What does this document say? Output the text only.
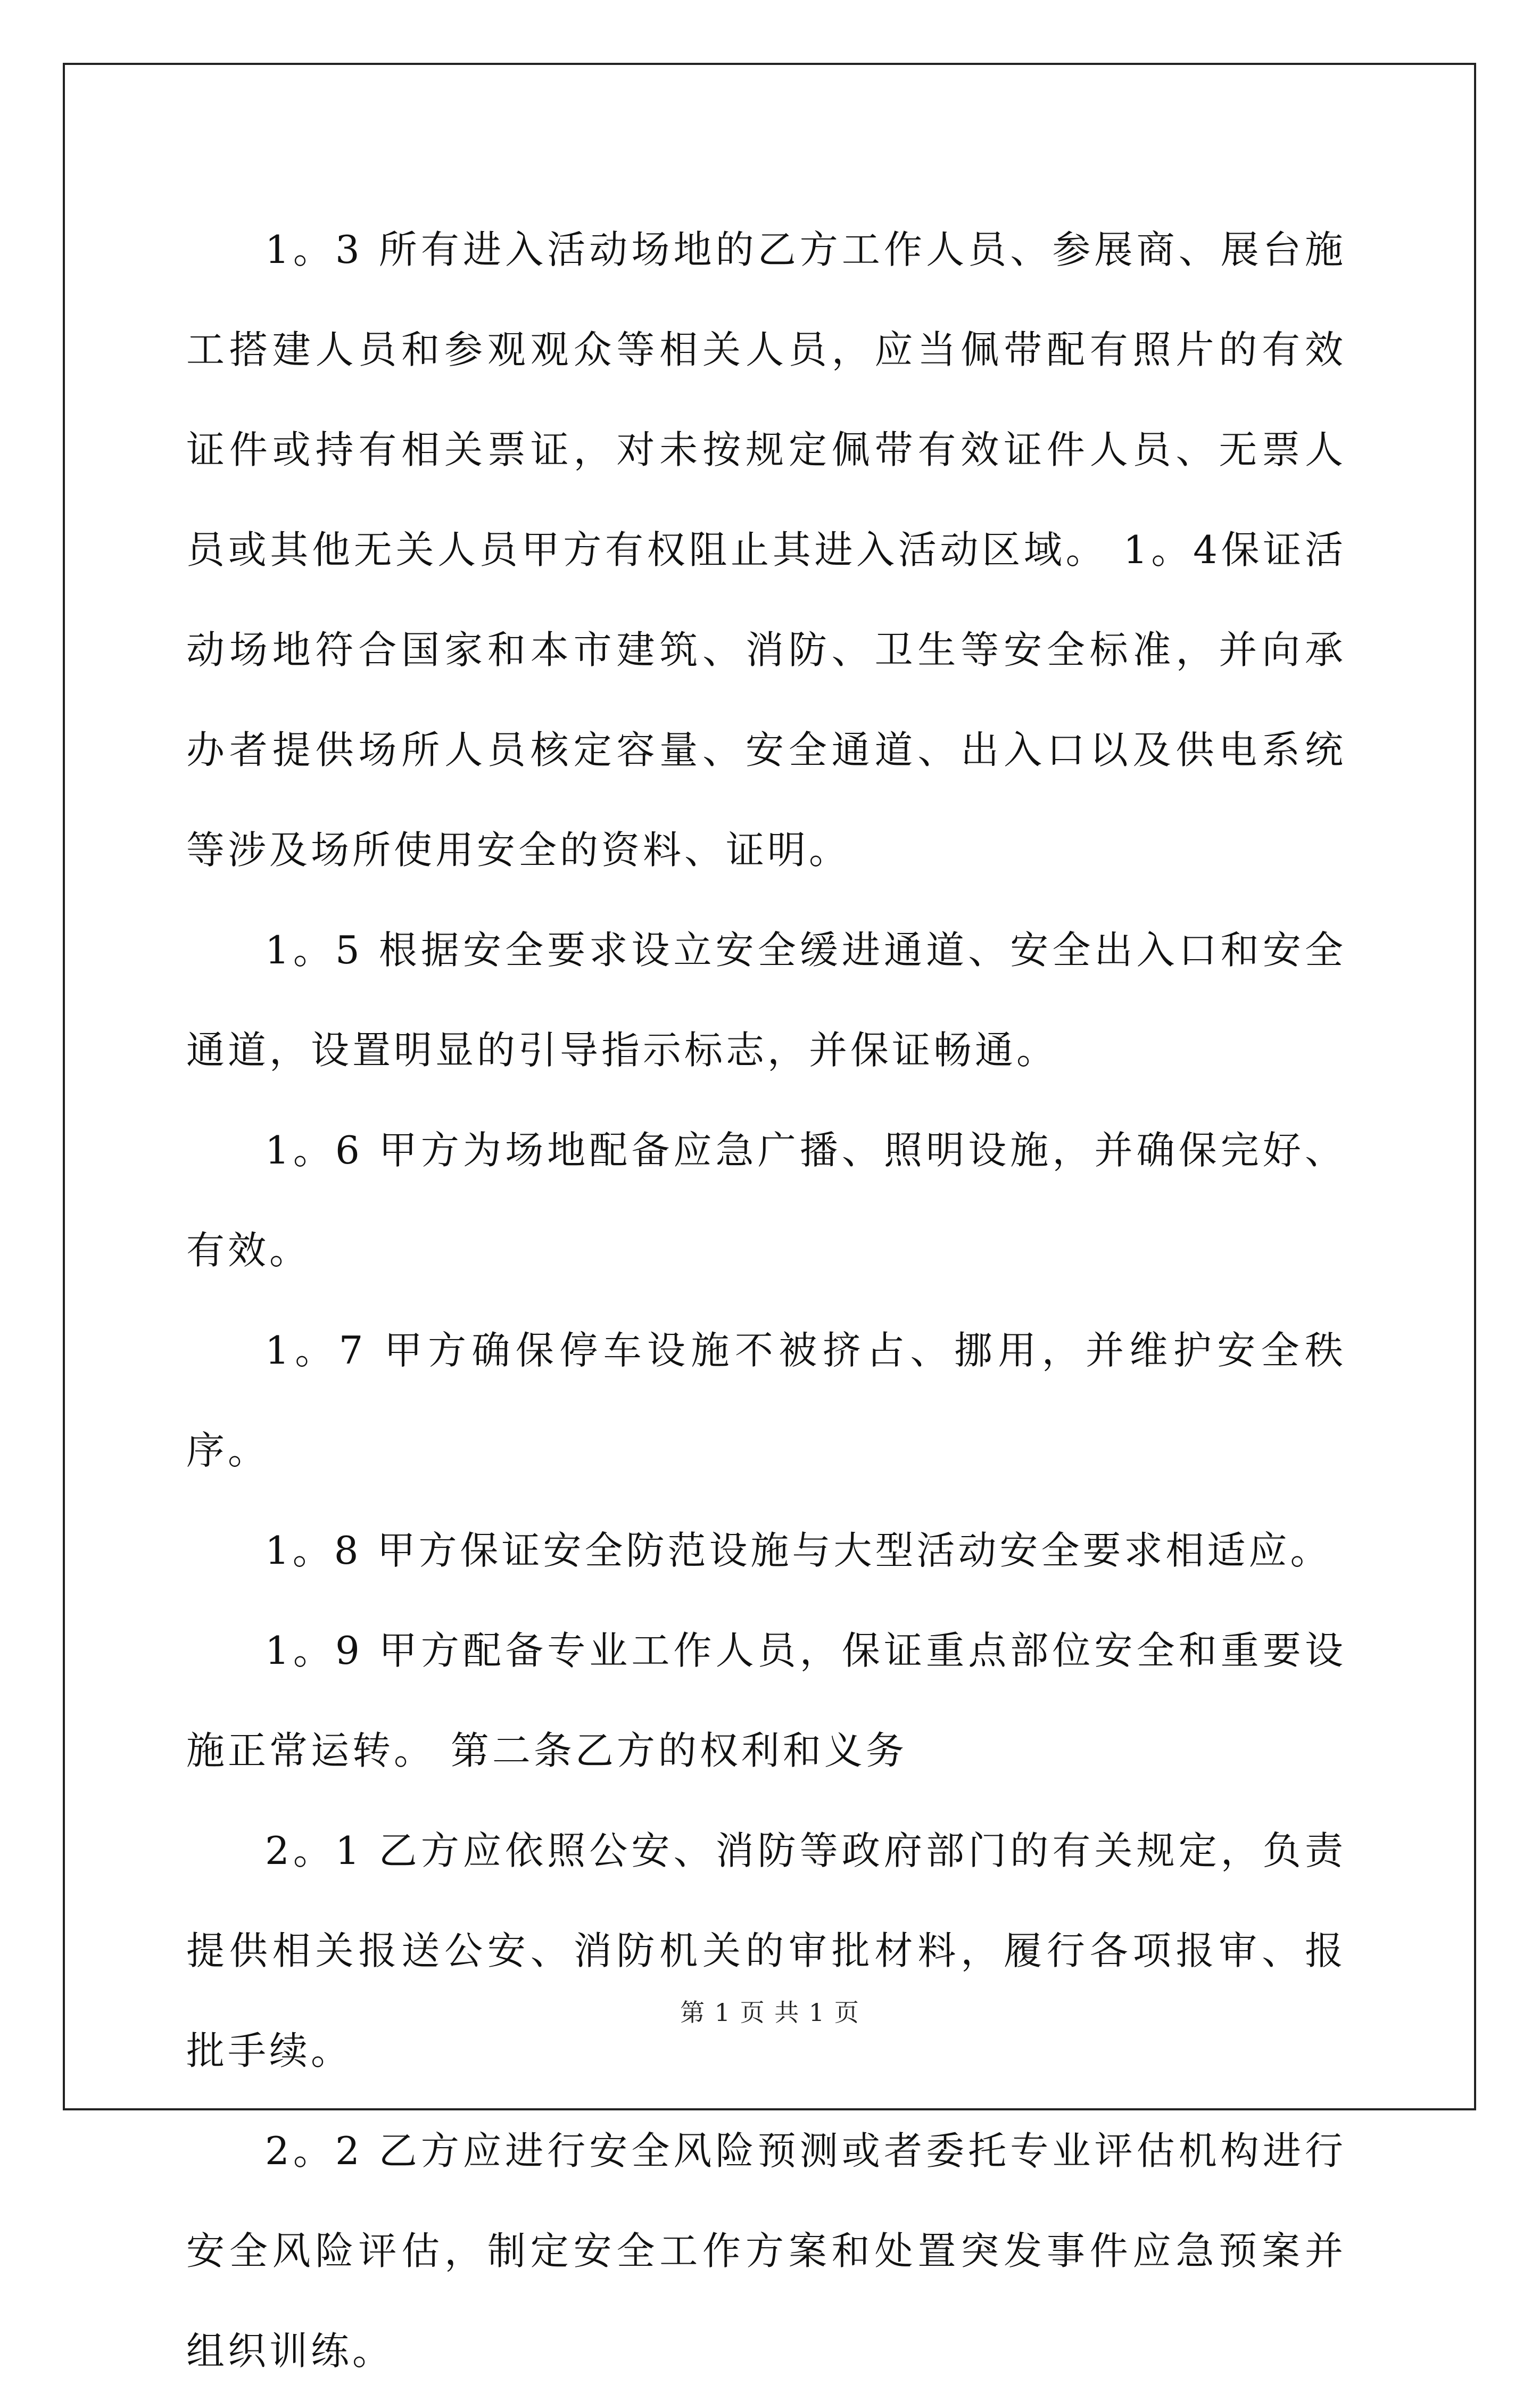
1。3 所有进入活动场地的乙方工作人员、参展商、展台施工搭建人员和参观观众等相关人员，应当佩带配有照片的有效证件或持有相关票证，对未按规定佩带有效证件人员、无票人员或其他无关人员甲方有权阻止其进入活动区域。 1。4保证活动场地符合国家和本市建筑、消防、卫生等安全标准，并向承办者提供场所人员核定容量、安全通道、出入口以及供电系统等涉及场所使用安全的资料、证明。

1。5 根据安全要求设立安全缓进通道、安全出入口和安全通道，设置明显的引导指示标志，并保证畅通。

1。6 甲方为场地配备应急广播、照明设施，并确保完好、有效。

1。7 甲方确保停车设施不被挤占、挪用，并维护安全秩序。

1。8 甲方保证安全防范设施与大型活动安全要求相适应。

1。9 甲方配备专业工作人员，保证重点部位安全和重要设施正常运转。 第二条乙方的权利和义务

2。1 乙方应依照公安、消防等政府部门的有关规定，负责提供相关报送公安、消防机关的审批材料，履行各项报审、报批手续。

2。2 乙方应进行安全风险预测或者委托专业评估机构进行安全风险评估，制定安全工作方案和处置突发事件应急预案并组织训练。

第 1 页 共 1 页
